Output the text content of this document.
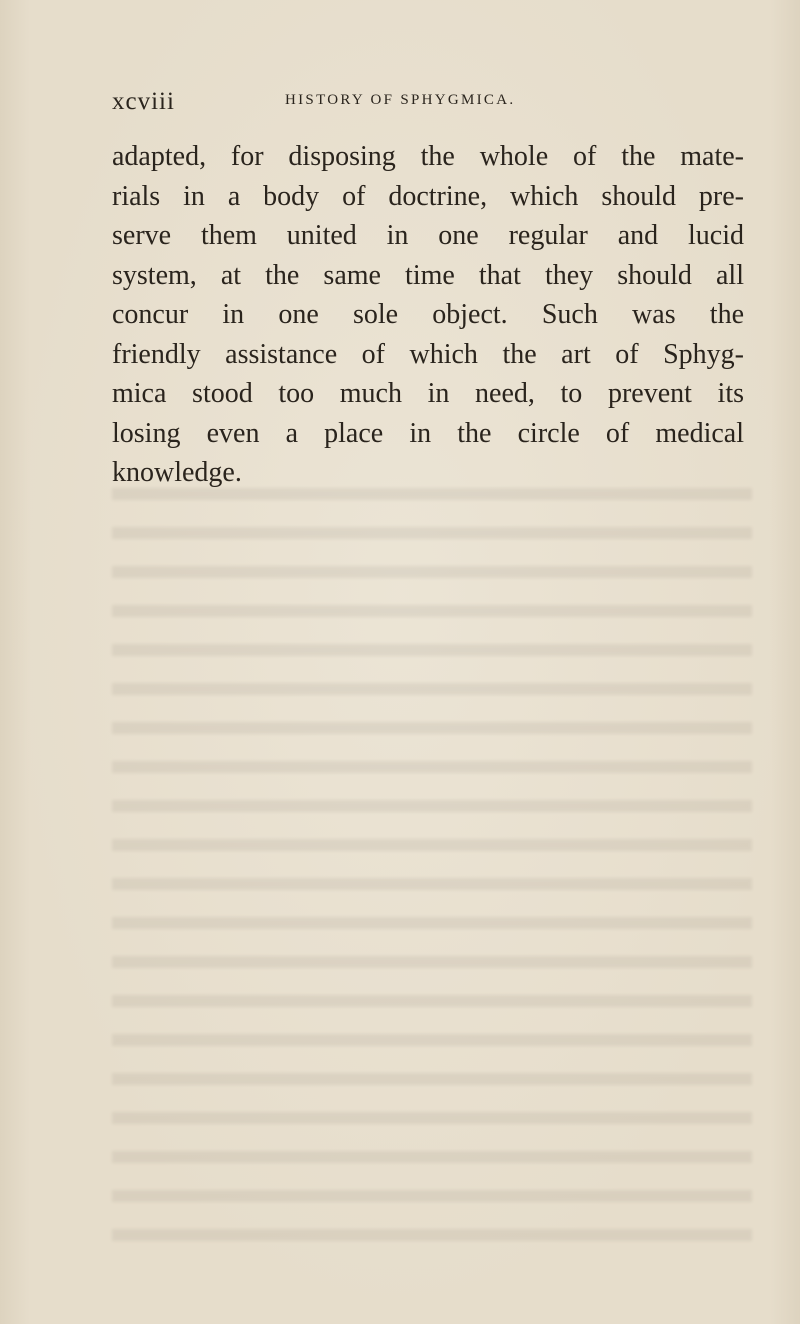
xcviii	HISTORY OF SPHYGMICA.
adapted, for disposing the whole of the mate-
rials in a body of doctrine, which should pre-
serve them united in one regular and lucid
system, at the same time that they should all
concur in one sole object. Such was the
friendly assistance of which the art of Sphyg-
mica stood too much in need, to prevent its
losing even a place in the circle of medical
knowledge.
